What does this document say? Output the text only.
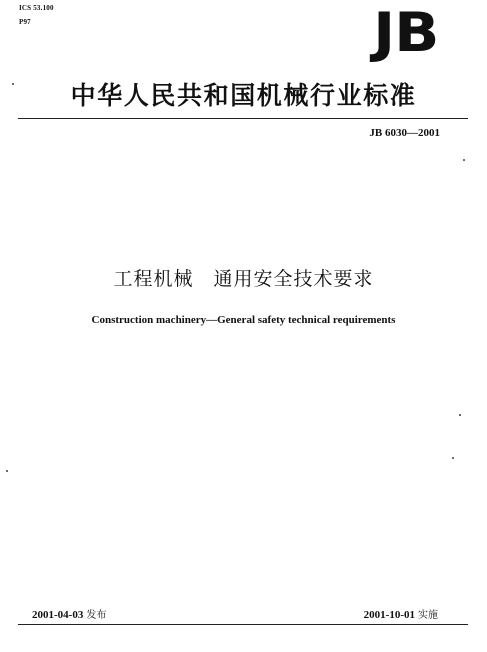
ICS 53.100
P97	JB
中华人民共和国机械行业标准
JB 6030—2001
工程机械　通用安全技术要求
Construction machinery—General safety technical requirements
2001-04-03 发布	2001-10-01 实施
